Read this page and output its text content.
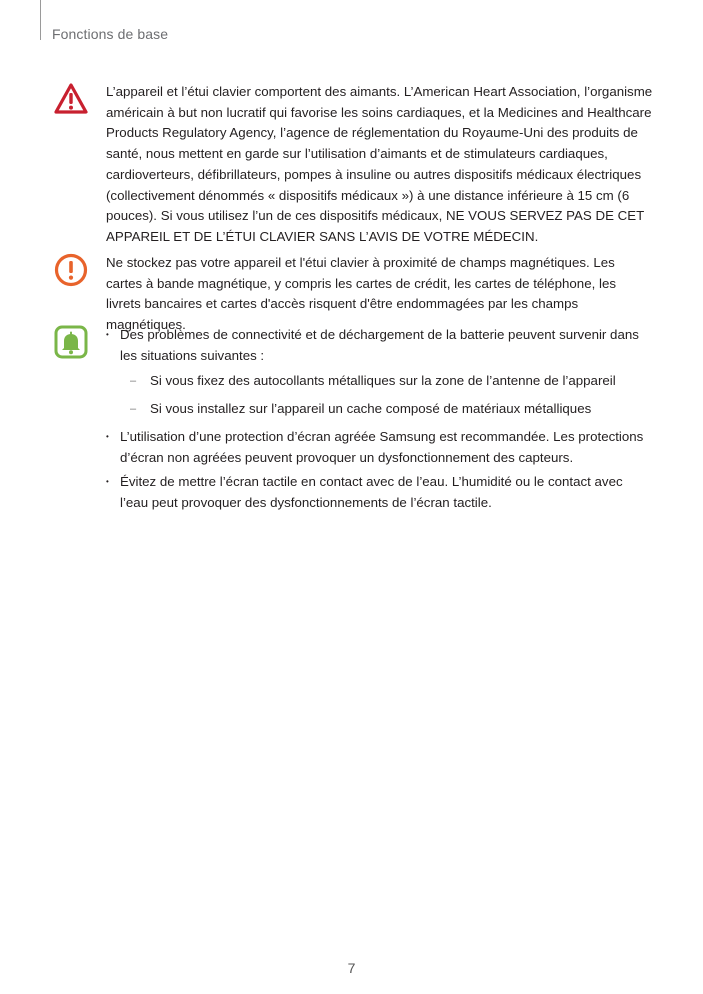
Fonctions de base
L’appareil et l’étui clavier comportent des aimants. L’American Heart Association, l’organisme américain à but non lucratif qui favorise les soins cardiaques, et la Medicines and Healthcare Products Regulatory Agency, l’agence de réglementation du Royaume-Uni des produits de santé, nous mettent en garde sur l’utilisation d’aimants et de stimulateurs cardiaques, cardioverteurs, défibrillateurs, pompes à insuline ou autres dispositifs médicaux électriques (collectivement dénommés « dispositifs médicaux ») à une distance inférieure à 15 cm (6 pouces). Si vous utilisez l’un de ces dispositifs médicaux, NE VOUS SERVEZ PAS DE CET APPAREIL ET DE L’ÉTUI CLAVIER SANS L’AVIS DE VOTRE MÉDECIN.
Ne stockez pas votre appareil et l'étui clavier à proximité de champs magnétiques. Les cartes à bande magnétique, y compris les cartes de crédit, les cartes de téléphone, les livrets bancaires et cartes d'accès risquent d'être endommagées par les champs magnétiques.
• Des problèmes de connectivité et de déchargement de la batterie peuvent survenir dans les situations suivantes :
– Si vous fixez des autocollants métalliques sur la zone de l’antenne de l’appareil
– Si vous installez sur l’appareil un cache composé de matériaux métalliques
• L’utilisation d’une protection d’écran agréée Samsung est recommandée. Les protections d’écran non agréées peuvent provoquer un dysfonctionnement des capteurs.
• Évitez de mettre l’écran tactile en contact avec de l’eau. L’humidité ou le contact avec l’eau peut provoquer des dysfonctionnements de l’écran tactile.
7
